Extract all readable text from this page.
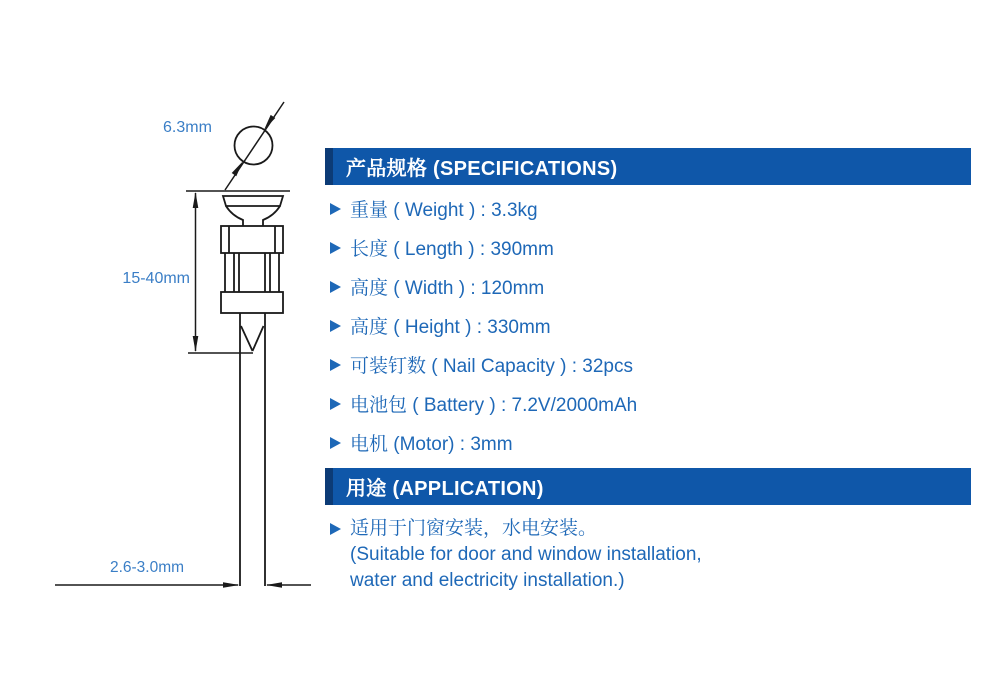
6.3mm
15-40mm
2.6-3.0mm
产品规格 (SPECIFICATIONS)
重量 ( Weight ) : 3.3kg
长度 ( Length ) : 390mm
高度 ( Width ) : 120mm
高度 ( Height ) : 330mm
可装钉数 ( Nail Capacity ) : 32pcs
电池包 ( Battery ) : 7.2V/2000mAh
电机 (Motor) : 3mm
用途 (APPLICATION)
适用于门窗安装，水电安装。
(Suitable for door and window installation,
water and electricity installation.)
